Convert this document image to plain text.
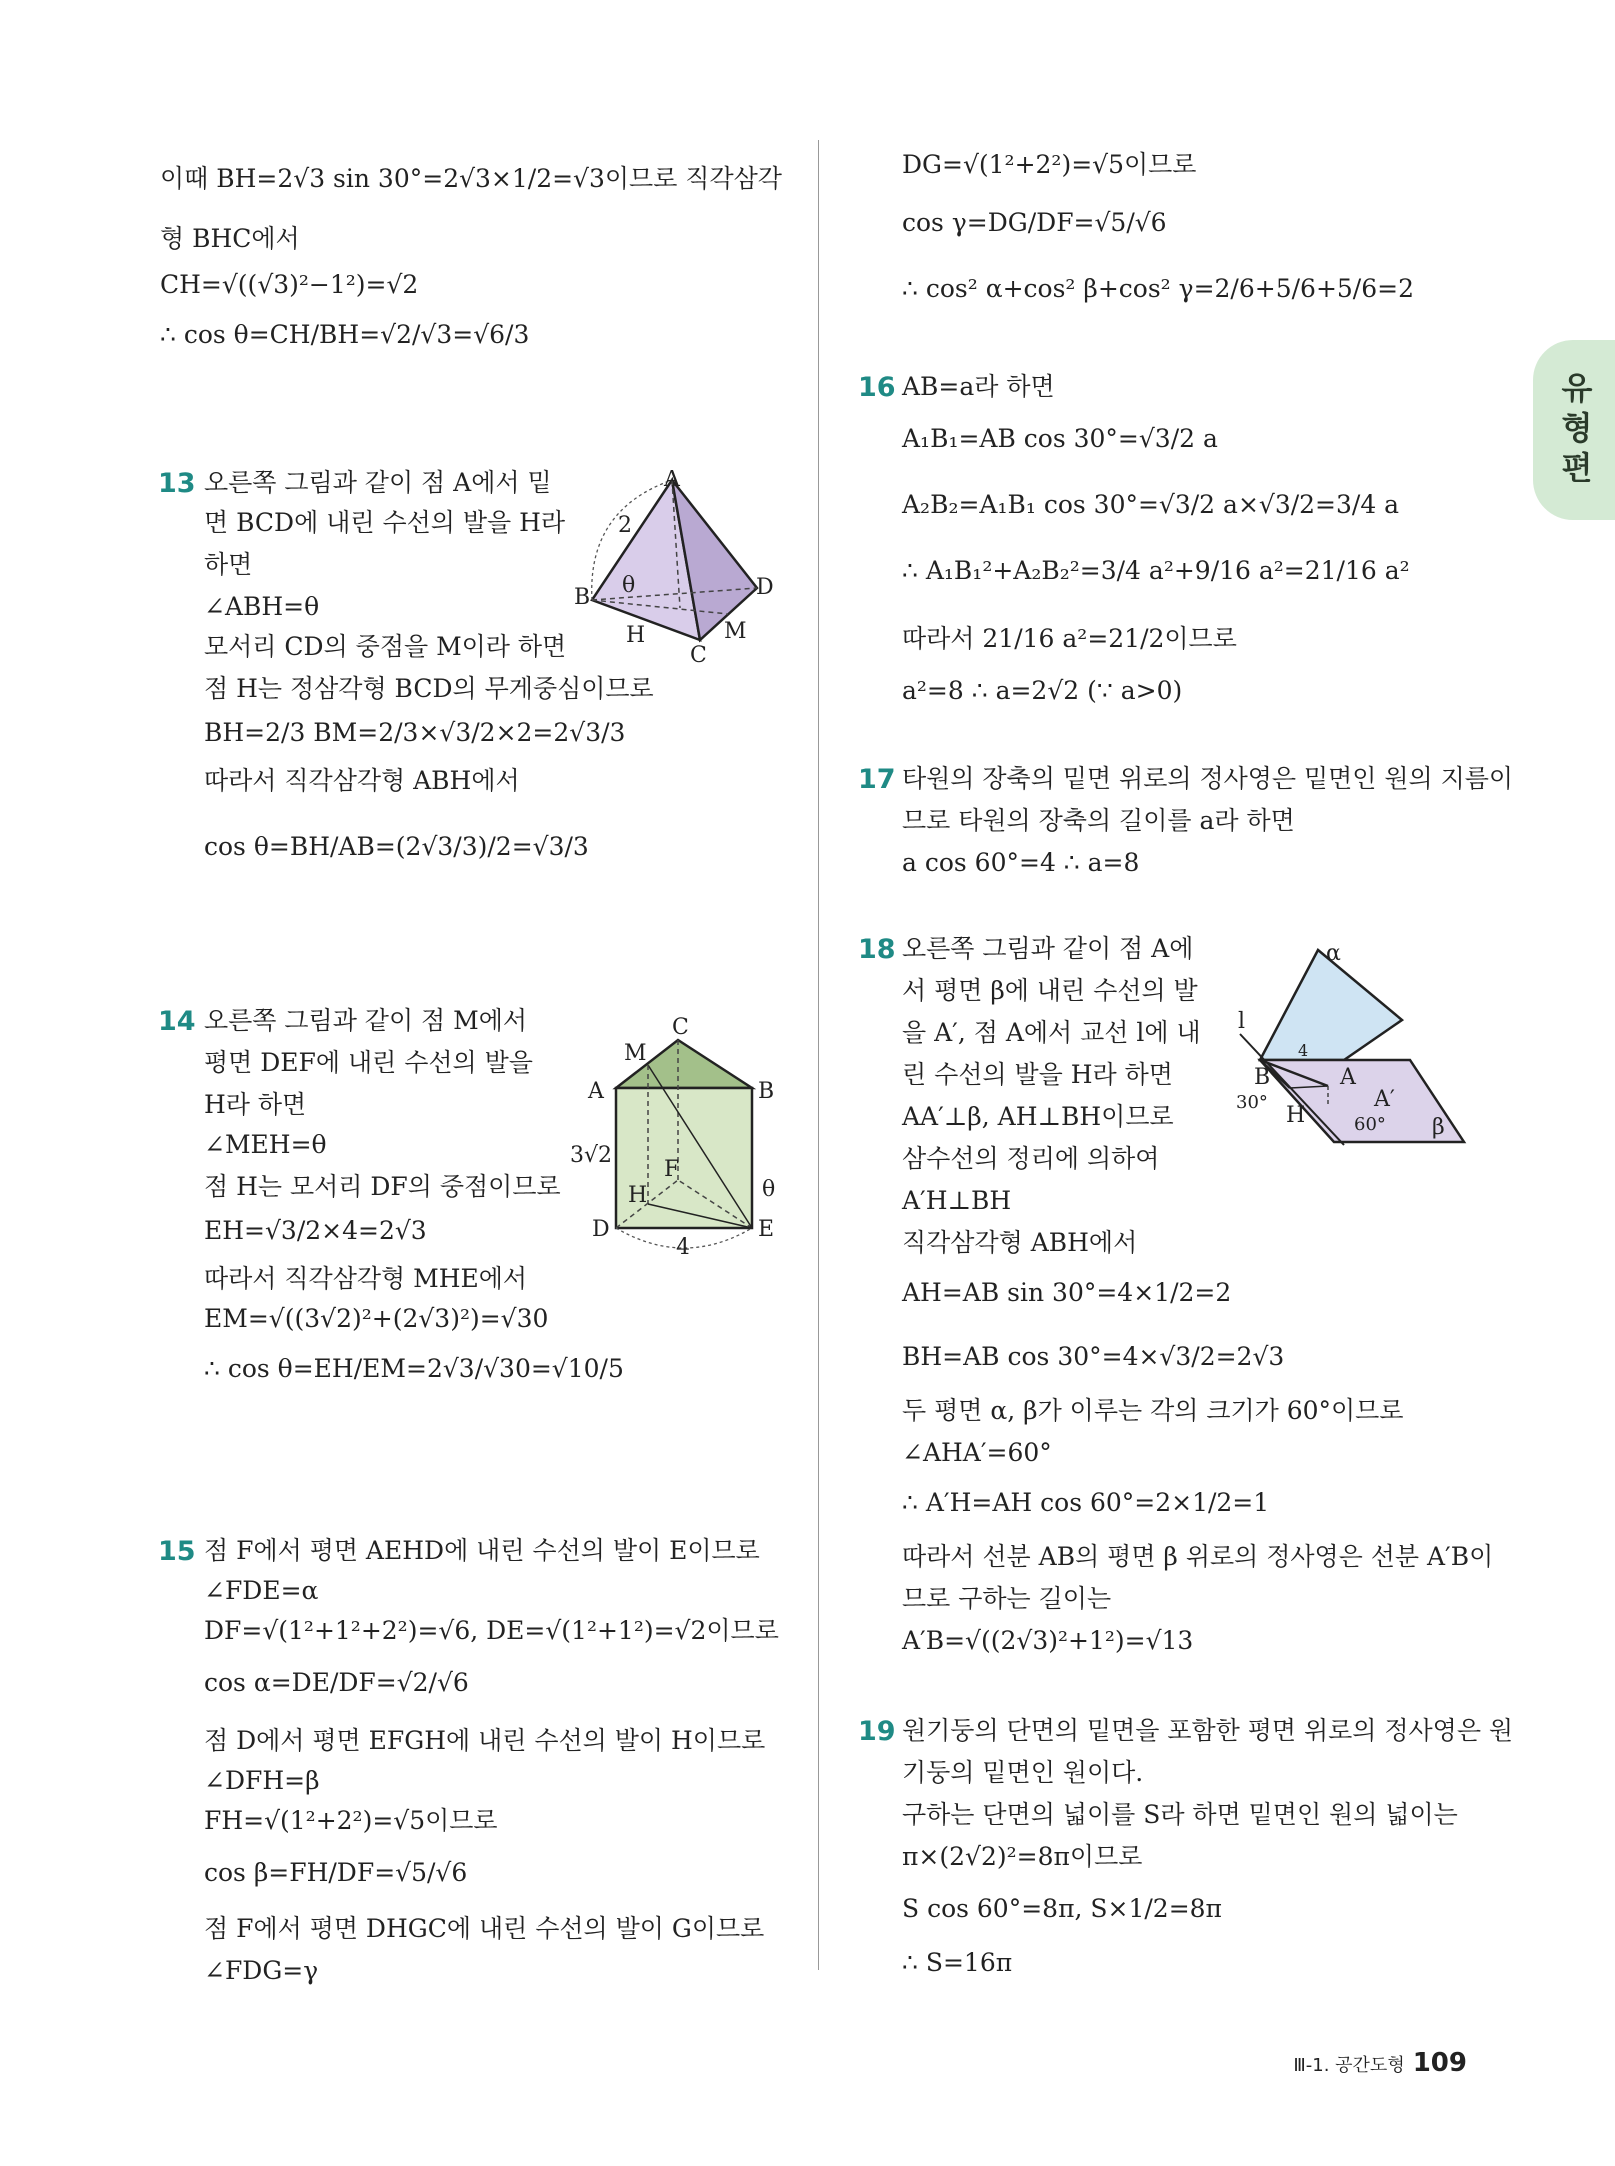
유형편
이때 BH=2√3 sin 30°=2√3×1/2=√3이므로 직각삼각
형 BHC에서
CH=√((√3)²−1²)=√2
∴ cos θ=CH/BH=√2/√3=√6/3
13 오른쪽 그림과 같이 점 A에서 밑
면 BCD에 내린 수선의 발을 H라
하면
∠ABH=θ
모서리 CD의 중점을 M이라 하면
점 H는 정삼각형 BCD의 무게중심이므로
BH=2/3 BM=2/3×√3/2×2=2√3/3
따라서 직각삼각형 ABH에서
cos θ=BH/AB=(2√3/3)/2=√3/3
14 오른쪽 그림과 같이 점 M에서
평면 DEF에 내린 수선의 발을
H라 하면
∠MEH=θ
점 H는 모서리 DF의 중점이므로
EH=√3/2×4=2√3
따라서 직각삼각형 MHE에서
EM=√((3√2)²+(2√3)²)=√30
∴ cos θ=EH/EM=2√3/√30=√10/5
15 점 F에서 평면 AEHD에 내린 수선의 발이 E이므로
∠FDE=α
DF=√(1²+1²+2²)=√6, DE=√(1²+1²)=√2이므로
cos α=DE/DF=√2/√6
점 D에서 평면 EFGH에 내린 수선의 발이 H이므로
∠DFH=β
FH=√(1²+2²)=√5이므로
cos β=FH/DF=√5/√6
점 F에서 평면 DHGC에 내린 수선의 발이 G이므로
∠FDG=γ
A
B
C
D
H	M
2
θ
C
M
A	B
F
3√2
H
D	E
θ
4
DG=√(1²+2²)=√5이므로
cos γ=DG/DF=√5/√6
∴ cos² α+cos² β+cos² γ=2/6+5/6+5/6=2
16 AB=a라 하면
A₁B₁=AB cos 30°=√3/2 a
A₂B₂=A₁B₁ cos 30°=√3/2 a×√3/2=3/4 a
∴ A₁B₁²+A₂B₂²=3/4 a²+9/16 a²=21/16 a²
따라서 21/16 a²=21/2이므로
a²=8 ∴ a=2√2 (∵ a>0)
17 타원의 장축의 밑면 위로의 정사영은 밑면인 원의 지름이
므로 타원의 장축의 길이를 a라 하면
a cos 60°=4 ∴ a=8
18 오른쪽 그림과 같이 점 A에
서 평면 β에 내린 수선의 발
을 A′, 점 A에서 교선 l에 내
린 수선의 발을 H라 하면
AA′⊥β, AH⊥BH이므로
삼수선의 정리에 의하여
A′H⊥BH
직각삼각형 ABH에서
AH=AB sin 30°=4×1/2=2
BH=AB cos 30°=4×√3/2=2√3
두 평면 α, β가 이루는 각의 크기가 60°이므로
∠AHA′=60°
∴ A′H=AH cos 60°=2×1/2=1
따라서 선분 AB의 평면 β 위로의 정사영은 선분 A′B이
므로 구하는 길이는
A′B=√((2√3)²+1²)=√13
19 원기둥의 단면의 밑면을 포함한 평면 위로의 정사영은 원
기둥의 밑면인 원이다.
구하는 단면의 넓이를 S라 하면 밑면인 원의 넓이는
π×(2√2)²=8π이므로
S cos 60°=8π, S×1/2=8π
∴ S=16π
α
l
B
4
A
30°
H
A′
60° β
Ⅲ-1. 공간도형 109
